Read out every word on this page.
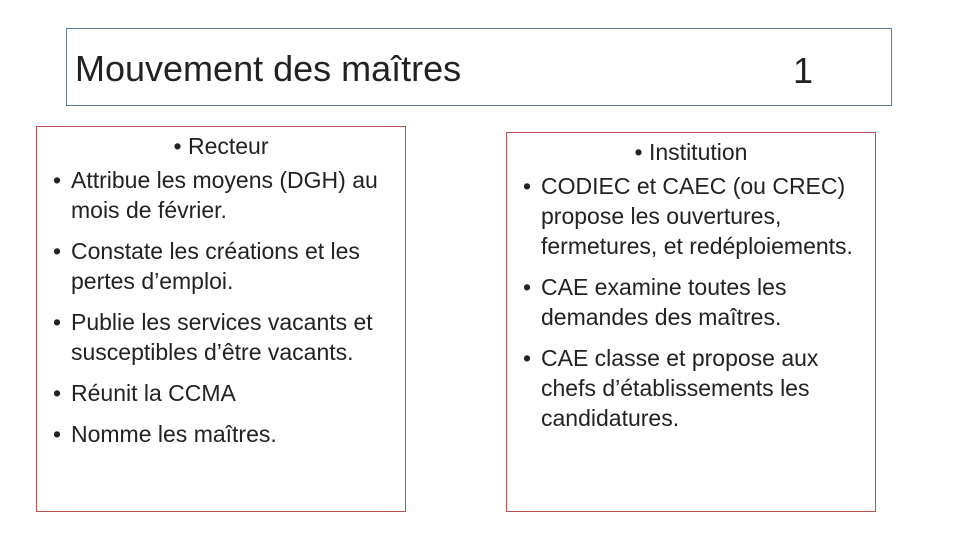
Mouvement des maîtres	1
• Recteur
• Attribue les moyens (DGH) au mois de février.
• Constate les créations et les pertes d’emploi.
• Publie les services vacants et susceptibles d’être vacants.
• Réunit la CCMA
• Nomme les maîtres.
• Institution
• CODIEC et CAEC (ou CREC) propose les ouvertures, fermetures, et redéploiements.
• CAE examine toutes les demandes des maîtres.
• CAE classe et propose aux chefs d’établissements les candidatures.
